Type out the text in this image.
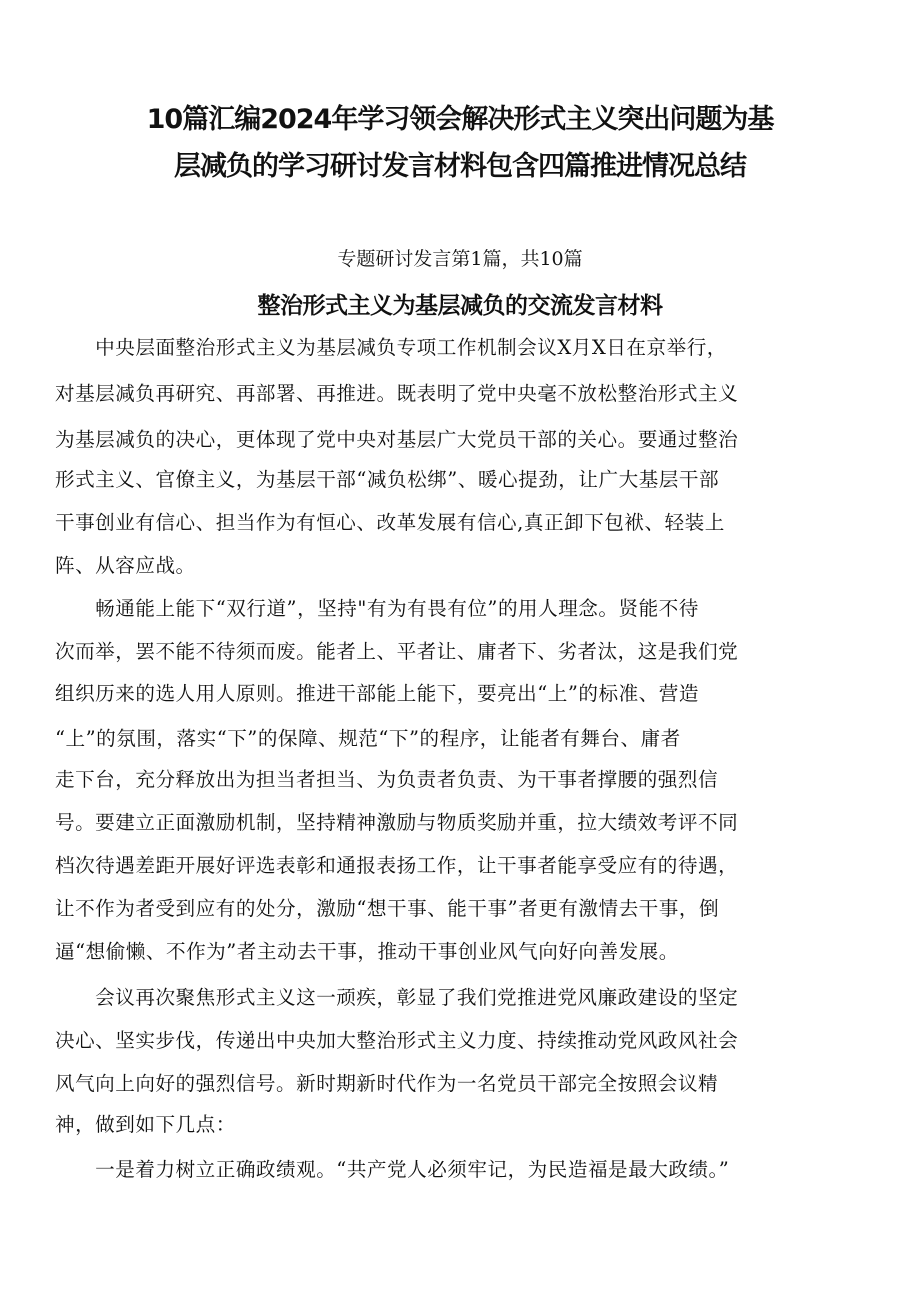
10篇汇编2024年学习领会解决形式主义突出问题为基
层减负的学习研讨发言材料包含四篇推进情况总结
专题研讨发言第1篇，共10篇
整治形式主义为基层减负的交流发言材料
　　中央层面整治形式主义为基层减负专项工作机制会议X月X日在京举行，
对基层减负再研究、再部署、再推进。既表明了党中央毫不放松整治形式主义
为基层减负的决心，更体现了党中央对基层广大党员干部的关心。要通过整治
形式主义、官僚主义，为基层干部“减负松绑”、暖心提劲，让广大基层干部
干事创业有信心、担当作为有恒心、改革发展有信心,真正卸下包袱、轻装上
阵、从容应战。
　　畅通能上能下“双行道”，坚持"有为有畏有位”的用人理念。贤能不待
次而举，罢不能不待须而废。能者上、平者让、庸者下、劣者汰，这是我们党
组织历来的选人用人原则。推进干部能上能下，要亮出“上”的标准、营造
“上”的氛围，落实“下”的保障、规范“下”的程序，让能者有舞台、庸者
走下台，充分释放出为担当者担当、为负责者负责、为干事者撑腰的强烈信
号。要建立正面激励机制，坚持精神激励与物质奖励并重，拉大绩效考评不同
档次待遇差距开展好评选表彰和通报表扬工作，让干事者能享受应有的待遇，
让不作为者受到应有的处分，激励“想干事、能干事”者更有激情去干事，倒
逼“想偷懒、不作为”者主动去干事，推动干事创业风气向好向善发展。
　　会议再次聚焦形式主义这一顽疾，彰显了我们党推进党风廉政建设的坚定
决心、坚实步伐，传递出中央加大整治形式主义力度、持续推动党风政风社会
风气向上向好的强烈信号。新时期新时代作为一名党员干部完全按照会议精
神，做到如下几点：
　　一是着力树立正确政绩观。“共产党人必须牢记，为民造福是最大政绩。”
